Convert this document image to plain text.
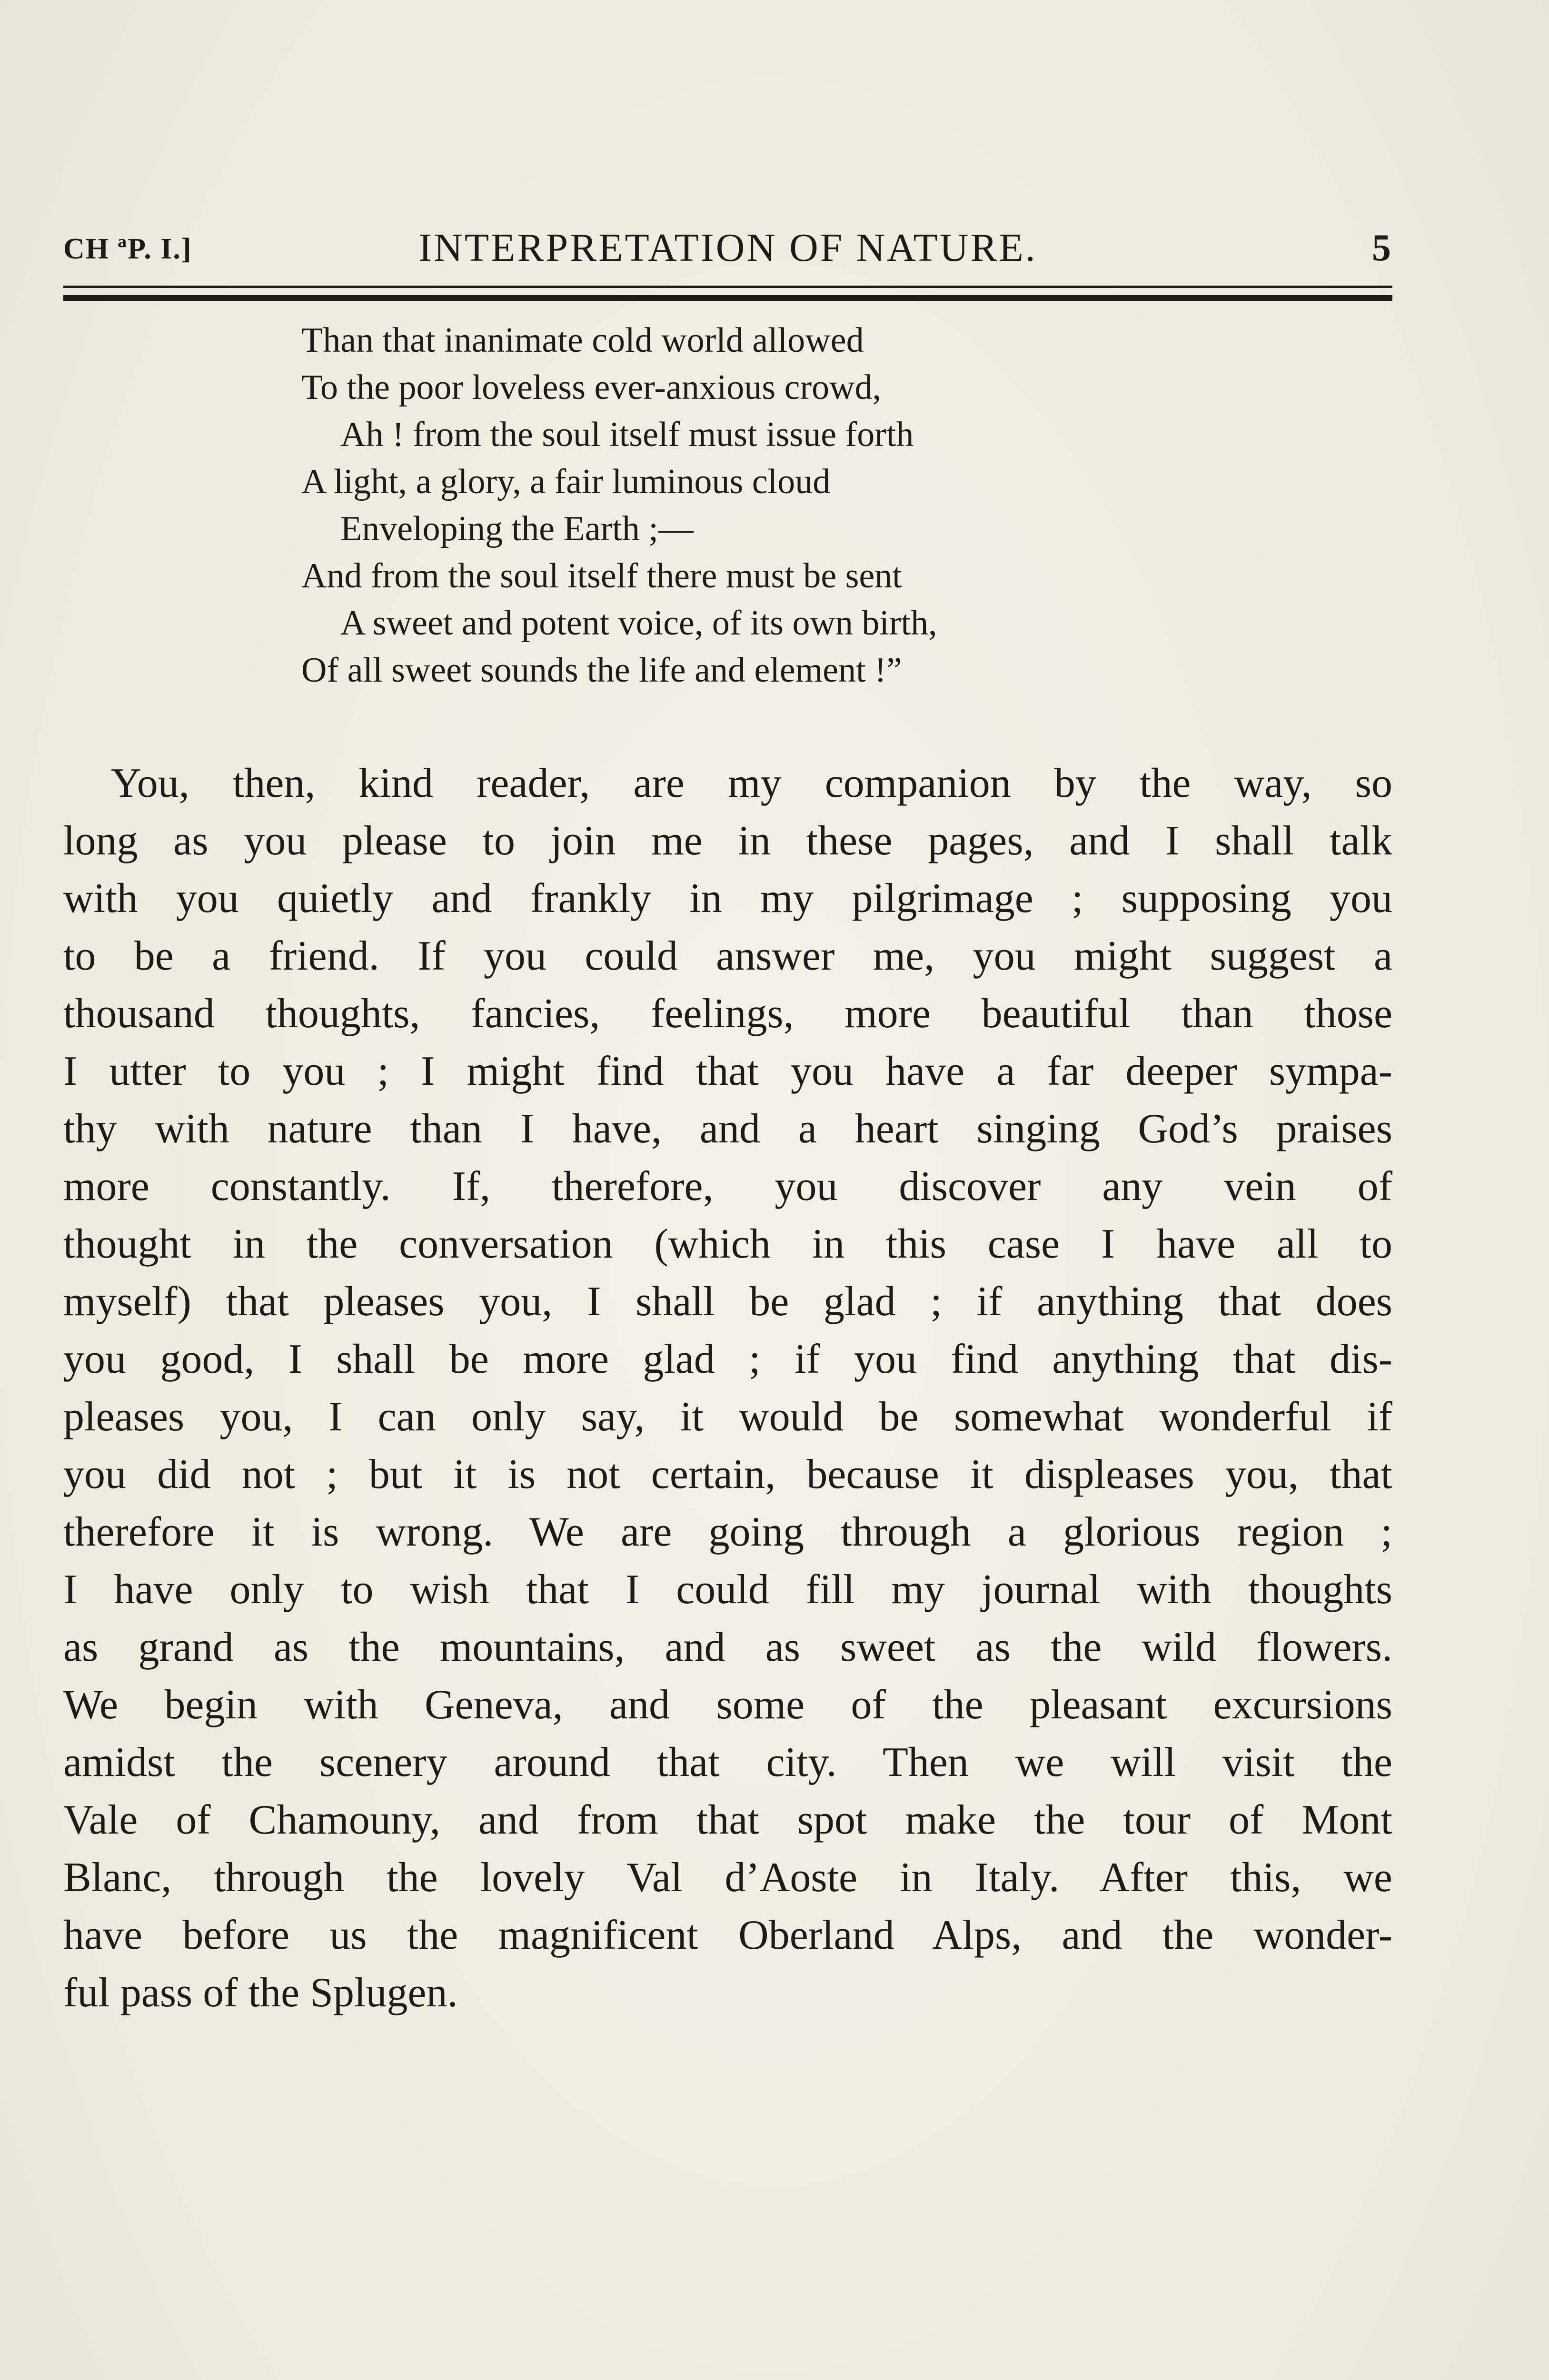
CH ªP. I.]	INTERPRETATION OF NATURE.	5
Than that inanimate cold world allowed
To the poor loveless ever-anxious crowd,
Ah ! from the soul itself must issue forth
A light, a glory, a fair luminous cloud
Enveloping the Earth ;—
And from the soul itself there must be sent
A sweet and potent voice, of its own birth,
Of all sweet sounds the life and element !”
You, then, kind reader, are my companion by the way, so
long as you please to join me in these pages, and I shall talk
with you quietly and frankly in my pilgrimage ; supposing you
to be a friend. If you could answer me, you might suggest a
thousand thoughts, fancies, feelings, more beautiful than those
I utter to you ; I might find that you have a far deeper sympa-
thy with nature than I have, and a heart singing God’s praises
more constantly. If, therefore, you discover any vein of
thought in the conversation (which in this case I have all to
myself) that pleases you, I shall be glad ; if anything that does
you good, I shall be more glad ; if you find anything that dis-
pleases you, I can only say, it would be somewhat wonderful if
you did not ; but it is not certain, because it displeases you, that
therefore it is wrong. We are going through a glorious region ;
I have only to wish that I could fill my journal with thoughts
as grand as the mountains, and as sweet as the wild flowers.
We begin with Geneva, and some of the pleasant excursions
amidst the scenery around that city. Then we will visit the
Vale of Chamouny, and from that spot make the tour of Mont
Blanc, through the lovely Val d’Aoste in Italy. After this, we
have before us the magnificent Oberland Alps, and the wonder-
ful pass of the Splugen.
